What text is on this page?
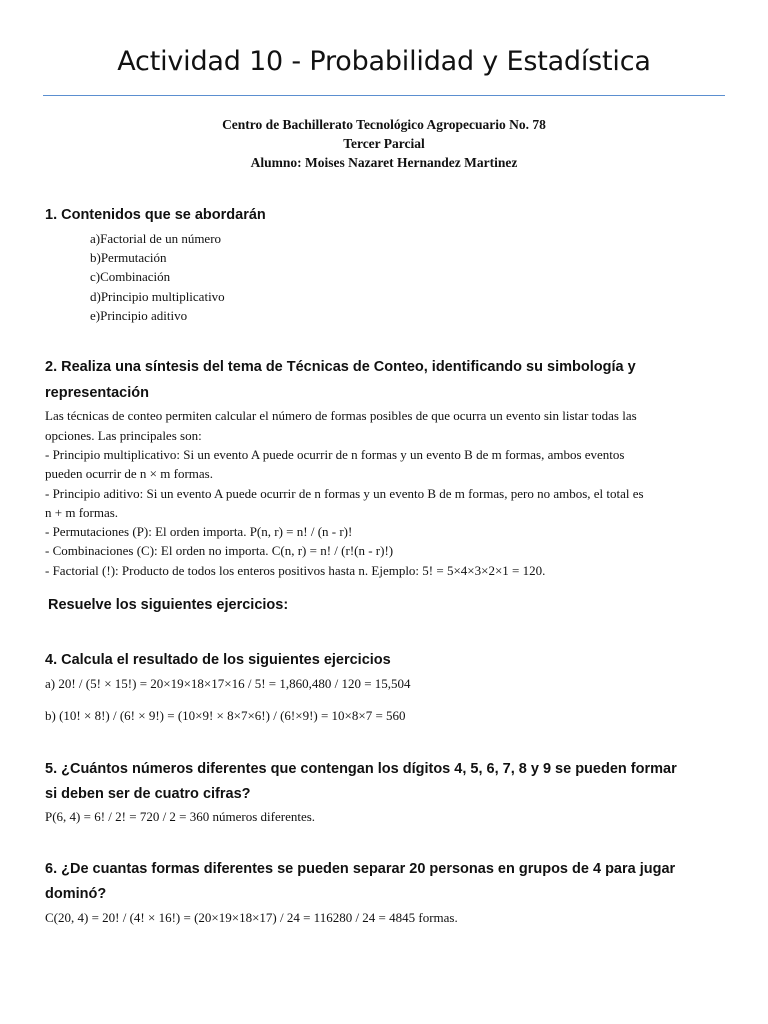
Actividad 10 - Probabilidad y Estadística
Centro de Bachillerato Tecnológico Agropecuario No. 78
Tercer Parcial
Alumno: Moises Nazaret Hernandez Martinez
1. Contenidos que se abordarán
a)Factorial de un número
b)Permutación
c)Combinación
d)Principio multiplicativo
e)Principio aditivo
2. Realiza una síntesis del tema de Técnicas de Conteo, identificando su simbología y
representación
Las técnicas de conteo permiten calcular el número de formas posibles de que ocurra un evento sin listar todas las
opciones. Las principales son:
- Principio multiplicativo: Si un evento A puede ocurrir de n formas y un evento B de m formas, ambos eventos
pueden ocurrir de n × m formas.
- Principio aditivo: Si un evento A puede ocurrir de n formas y un evento B de m formas, pero no ambos, el total es
n + m formas.
- Permutaciones (P): El orden importa. P(n, r) = n! / (n - r)!
- Combinaciones (C): El orden no importa. C(n, r) = n! / (r!(n - r)!)
- Factorial (!): Producto de todos los enteros positivos hasta n. Ejemplo: 5! = 5×4×3×2×1 = 120.
Resuelve los siguientes ejercicios:
4. Calcula el resultado de los siguientes ejercicios
a) 20! / (5! × 15!) = 20×19×18×17×16 / 5! = 1,860,480 / 120 = 15,504
b) (10! × 8!) / (6! × 9!) = (10×9! × 8×7×6!) / (6!×9!) = 10×8×7 = 560
5. ¿Cuántos números diferentes que contengan los dígitos 4, 5, 6, 7, 8 y 9 se pueden formar
si deben ser de cuatro cifras?
P(6, 4) = 6! / 2! = 720 / 2 = 360 números diferentes.
6. ¿De cuantas formas diferentes se pueden separar 20 personas en grupos de 4 para jugar
dominó?
C(20, 4) = 20! / (4! × 16!) = (20×19×18×17) / 24 = 116280 / 24 = 4845 formas.
